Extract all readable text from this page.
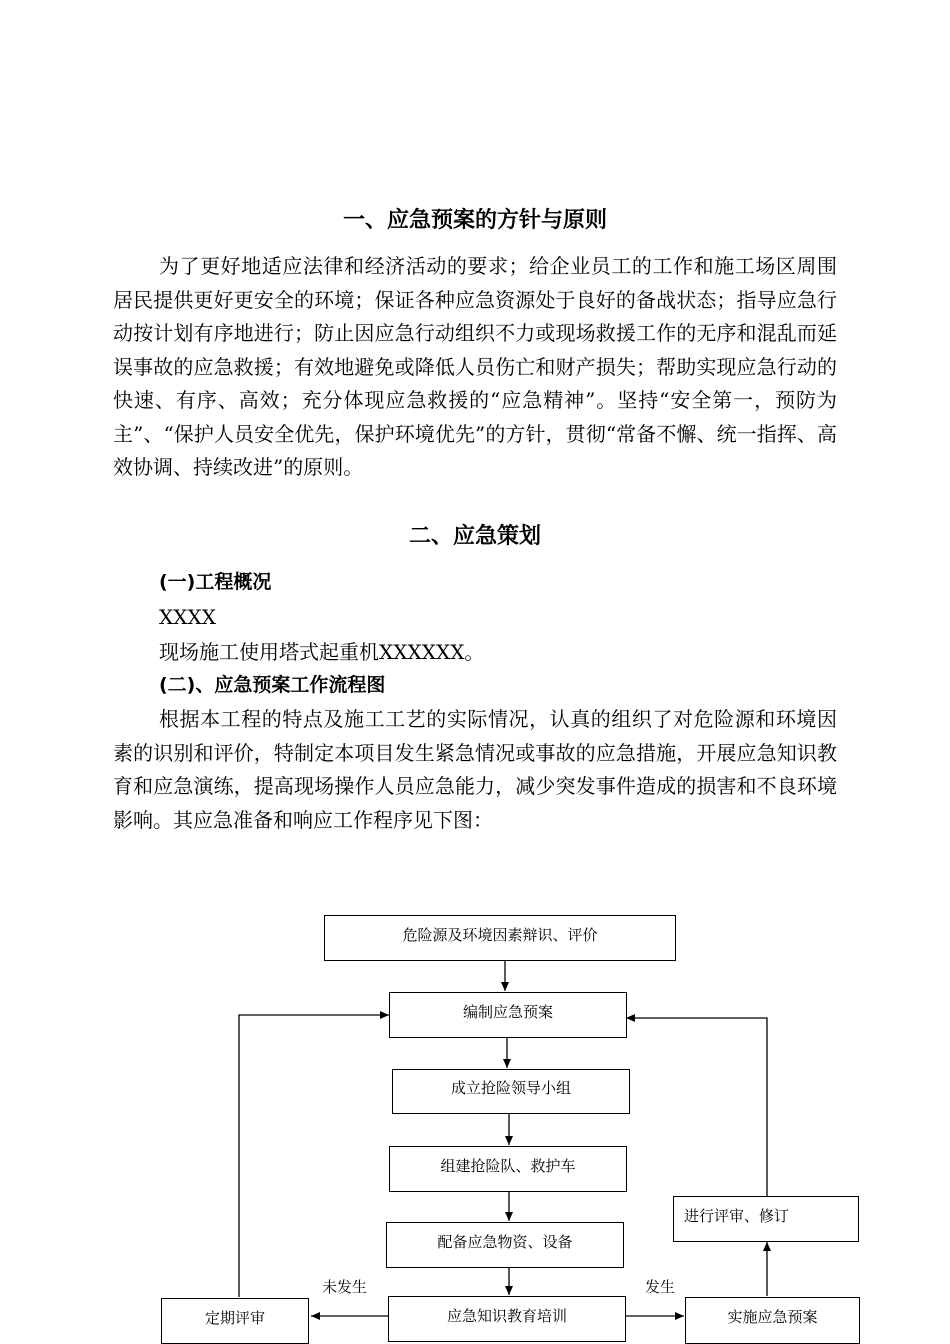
一、应急预案的方针与原则

为了更好地适应法律和经济活动的要求；给企业员工的工作和施工场区周围居民提供更好更安全的环境；保证各种应急资源处于良好的备战状态；指导应急行动按计划有序地进行；防止因应急行动组织不力或现场救援工作的无序和混乱而延误事故的应急救援；有效地避免或降低人员伤亡和财产损失；帮助实现应急行动的快速、有序、高效；充分体现应急救援的“应急精神”。坚持“安全第一，预防为主”、“保护人员安全优先，保护环境优先”的方针，贯彻“常备不懈、统一指挥、高效协调、持续改进”的原则。

二、应急策划
(一)工程概况
XXXX
现场施工使用塔式起重机XXXXXX。
(二)、应急预案工作流程图

根据本工程的特点及施工工艺的实际情况，认真的组织了对危险源和环境因素的识别和评价，特制定本项目发生紧急情况或事故的应急措施，开展应急知识教育和应急演练，提高现场操作人员应急能力，减少突发事件造成的损害和不良环境影响。其应急准备和响应工作程序见下图：

危险源及环境因素辩识、评价
编制应急预案
成立抢险领导小组
组建抢险队、救护车
配备应急物资、设备
应急知识教育培训
定期评审	实施应急预案
进行评审、修订
未发生	发生
